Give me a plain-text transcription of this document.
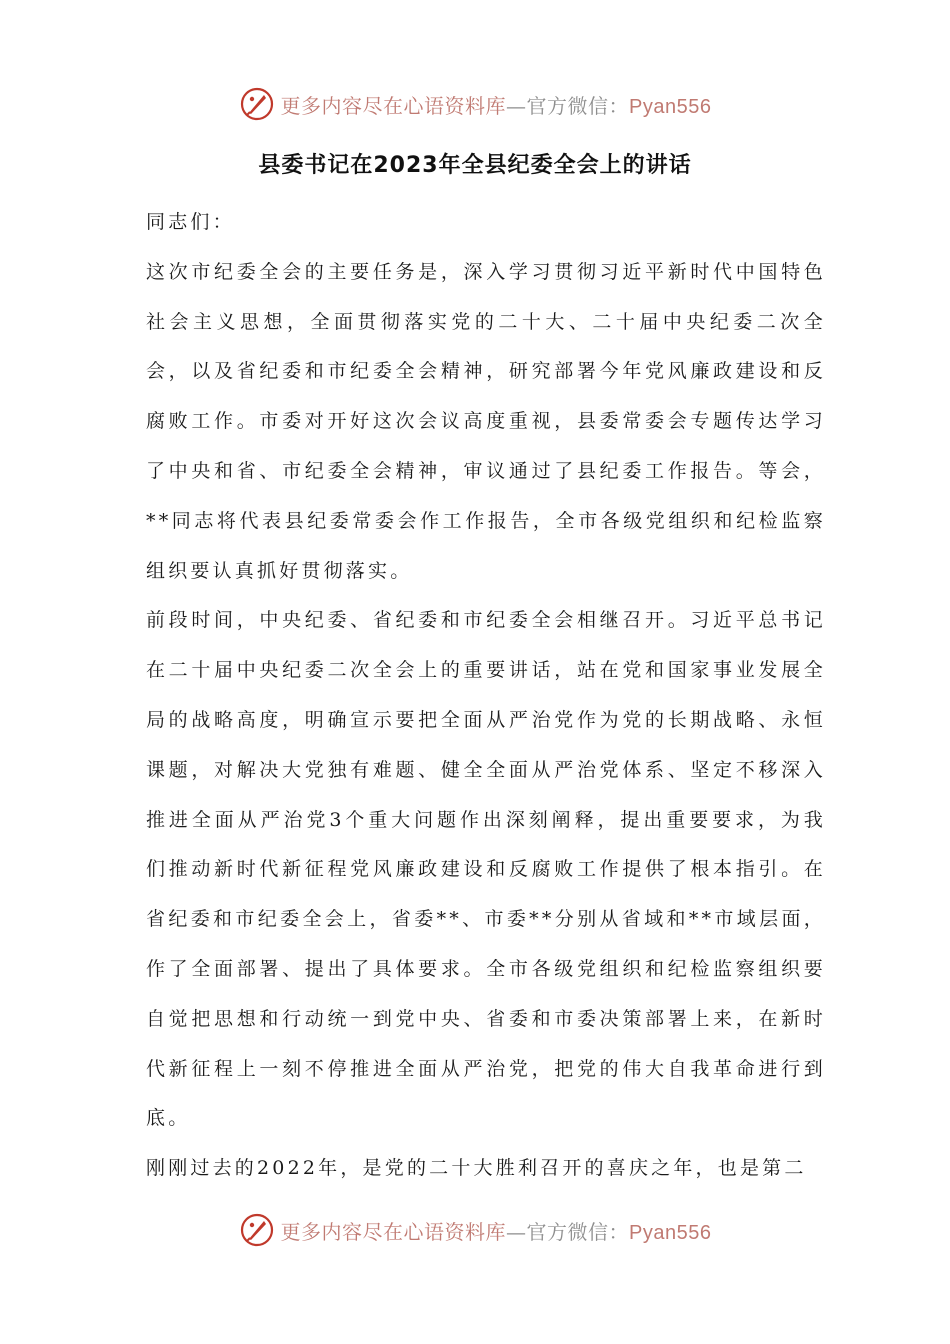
更多内容尽在心语资料库—官方微信：Pyan556
县委书记在2023年全县纪委全会上的讲话

同志们：

这次市纪委全会的主要任务是，深入学习贯彻习近平新时代中国特色社会主义思想，全面贯彻落实党的二十大、二十届中央纪委二次全会，以及省纪委和市纪委全会精神，研究部署今年党风廉政建设和反腐败工作。市委对开好这次会议高度重视，县委常委会专题传达学习了中央和省、市纪委全会精神，审议通过了县纪委工作报告。等会，**同志将代表县纪委常委会作工作报告，全市各级党组织和纪检监察组织要认真抓好贯彻落实。

前段时间，中央纪委、省纪委和市纪委全会相继召开。习近平总书记在二十届中央纪委二次全会上的重要讲话，站在党和国家事业发展全局的战略高度，明确宣示要把全面从严治党作为党的长期战略、永恒课题，对解决大党独有难题、健全全面从严治党体系、坚定不移深入推进全面从严治党3个重大问题作出深刻阐释，提出重要要求，为我们推动新时代新征程党风廉政建设和反腐败工作提供了根本指引。在省纪委和市纪委全会上，省委**、市委**分别从省域和**市域层面，作了全面部署、提出了具体要求。全市各级党组织和纪检监察组织要自觉把思想和行动统一到党中央、省委和市委决策部署上来，在新时代新征程上一刻不停推进全面从严治党，把党的伟大自我革命进行到底。

刚刚过去的2022年，是党的二十大胜利召开的喜庆之年，也是第二

更多内容尽在心语资料库—官方微信：Pyan556
